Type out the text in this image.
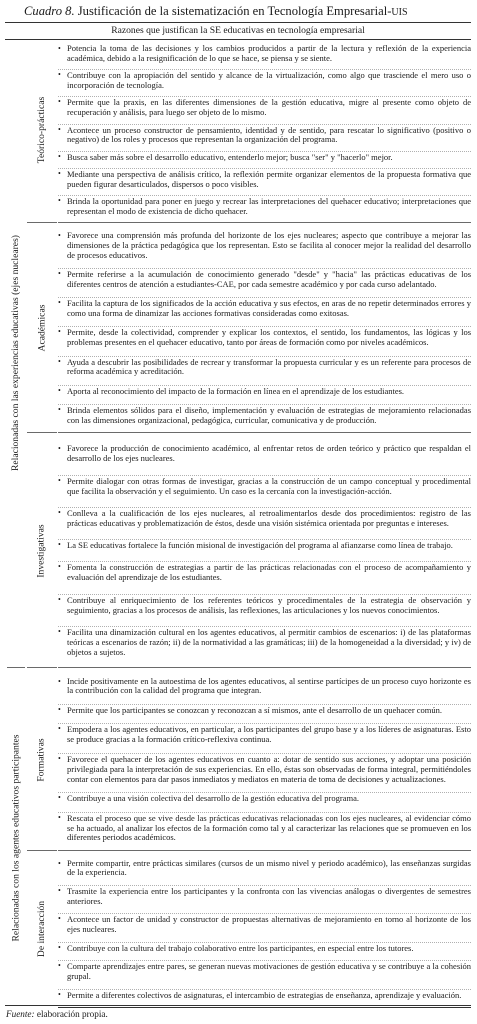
Cuadro 8. Justificación de la sistematización en Tecnología Empresarial-UIS
Razones que justifican la SE educativas en tecnología empresarial
Relacionadas con las experiencias educativas (ejes nucleares)
Relacionadas con los agentes educativos participantes
Teórico-prácticas
Académicas
Investigativas
Formativas
De interacción
• Potencia la toma de las decisiones y los cambios producidos a partir de la lectura y reflexión de la experiencia académica, debido a la resignificación de lo que se hace, se piensa y se siente.
• Contribuye con la apropiación del sentido y alcance de la virtualización, como algo que trasciende el mero uso o incorporación de tecnología.
• Permite que la praxis, en las diferentes dimensiones de la gestión educativa, migre al presente como objeto de recuperación y análisis, para luego ser objeto de lo mismo.
• Acontece un proceso constructor de pensamiento, identidad y de sentido, para rescatar lo significativo (positivo o negativo) de los roles y procesos que representan la organización del programa.
• Busca saber más sobre el desarrollo educativo, entenderlo mejor; busca "ser" y "hacerlo" mejor.
• Mediante una perspectiva de análisis crítico, la reflexión permite organizar elementos de la propuesta formativa que pueden figurar desarticulados, dispersos o poco visibles.
• Brinda la oportunidad para poner en juego y recrear las interpretaciones del quehacer educativo; interpretaciones que representan el modo de existencia de dicho quehacer.
• Favorece una comprensión más profunda del horizonte de los ejes nucleares; aspecto que contribuye a mejorar las dimensiones de la práctica pedagógica que los representan. Esto se facilita al conocer mejor la realidad del desarrollo de procesos educativos.
• Permite referirse a la acumulación de conocimiento generado "desde" y "hacia" las prácticas educativas de los diferentes centros de atención a estudiantes-CAE, por cada semestre académico y por cada curso adelantado.
• Facilita la captura de los significados de la acción educativa y sus efectos, en aras de no repetir determinados errores y como una forma de dinamizar las acciones formativas consideradas como exitosas.
• Permite, desde la colectividad, comprender y explicar los contextos, el sentido, los fundamentos, las lógicas y los problemas presentes en el quehacer educativo, tanto por áreas de formación como por niveles académicos.
• Ayuda a descubrir las posibilidades de recrear y transformar la propuesta curricular y es un referente para procesos de reforma académica y acreditación.
• Aporta al reconocimiento del impacto de la formación en línea en el aprendizaje de los estudiantes.
• Brinda elementos sólidos para el diseño, implementación y evaluación de estrategias de mejoramiento relacionadas con las dimensiones organizacional, pedagógica, curricular, comunicativa y de producción.
• Favorece la producción de conocimiento académico, al enfrentar retos de orden teórico y práctico que respaldan el desarrollo de los ejes nucleares.
• Permite dialogar con otras formas de investigar, gracias a la construcción de un campo conceptual y procedimental que facilita la observación y el seguimiento. Un caso es la cercanía con la investigación-acción.
• Conlleva a la cualificación de los ejes nucleares, al retroalimentarlos desde dos procedimientos: registro de las prácticas educativas y problematización de éstos, desde una visión sistémica orientada por preguntas e intereses.
• La SE educativas fortalece la función misional de investigación del programa al afianzarse como línea de trabajo.
• Fomenta la construcción de estrategias a partir de las prácticas relacionadas con el proceso de acompañamiento y evaluación del aprendizaje de los estudiantes.
• Contribuye al enriquecimiento de los referentes teóricos y procedimentales de la estrategia de observación y seguimiento, gracias a los procesos de análisis, las reflexiones, las articulaciones y los nuevos conocimientos.
• Facilita una dinamización cultural en los agentes educativos, al permitir cambios de escenarios: i) de las plataformas teóricas a escenarios de razón; ii) de la normatividad a las gramáticas; iii) de la homogeneidad a la diversidad; y iv) de objetos a sujetos.
• Incide positivamente en la autoestima de los agentes educativos, al sentirse partícipes de un proceso cuyo horizonte es la contribución con la calidad del programa que integran.
• Permite que los participantes se conozcan y reconozcan a sí mismos, ante el desarrollo de un quehacer común.
• Empodera a los agentes educativos, en particular, a los participantes del grupo base y a los líderes de asignaturas. Esto se produce gracias a la formación crítico-reflexiva continua.
• Favorece el quehacer de los agentes educativos en cuanto a: dotar de sentido sus acciones, y adoptar una posición privilegiada para la interpretación de sus experiencias. En ello, éstas son observadas de forma integral, permitiéndoles contar con elementos para dar pasos inmediatos y mediatos en materia de toma de decisiones y actualizaciones.
• Contribuye a una visión colectiva del desarrollo de la gestión educativa del programa.
• Rescata el proceso que se vive desde las prácticas educativas relacionadas con los ejes nucleares, al evidenciar cómo se ha actuado, al analizar los efectos de la formación como tal y al caracterizar las relaciones que se promueven en los diferentes periodos académicos.
• Permite compartir, entre prácticas similares (cursos de un mismo nivel y periodo académico), las enseñanzas surgidas de la experiencia.
• Trasmite la experiencia entre los participantes y la confronta con las vivencias análogas o divergentes de semestres anteriores.
• Acontece un factor de unidad y constructor de propuestas alternativas de mejoramiento en torno al horizonte de los ejes nucleares.
• Contribuye con la cultura del trabajo colaborativo entre los participantes, en especial entre los tutores.
• Comparte aprendizajes entre pares, se generan nuevas motivaciones de gestión educativa y se contribuye a la cohesión grupal.
• Permite a diferentes colectivos de asignaturas, el intercambio de estrategias de enseñanza, aprendizaje y evaluación.
Fuente: elaboración propia.
